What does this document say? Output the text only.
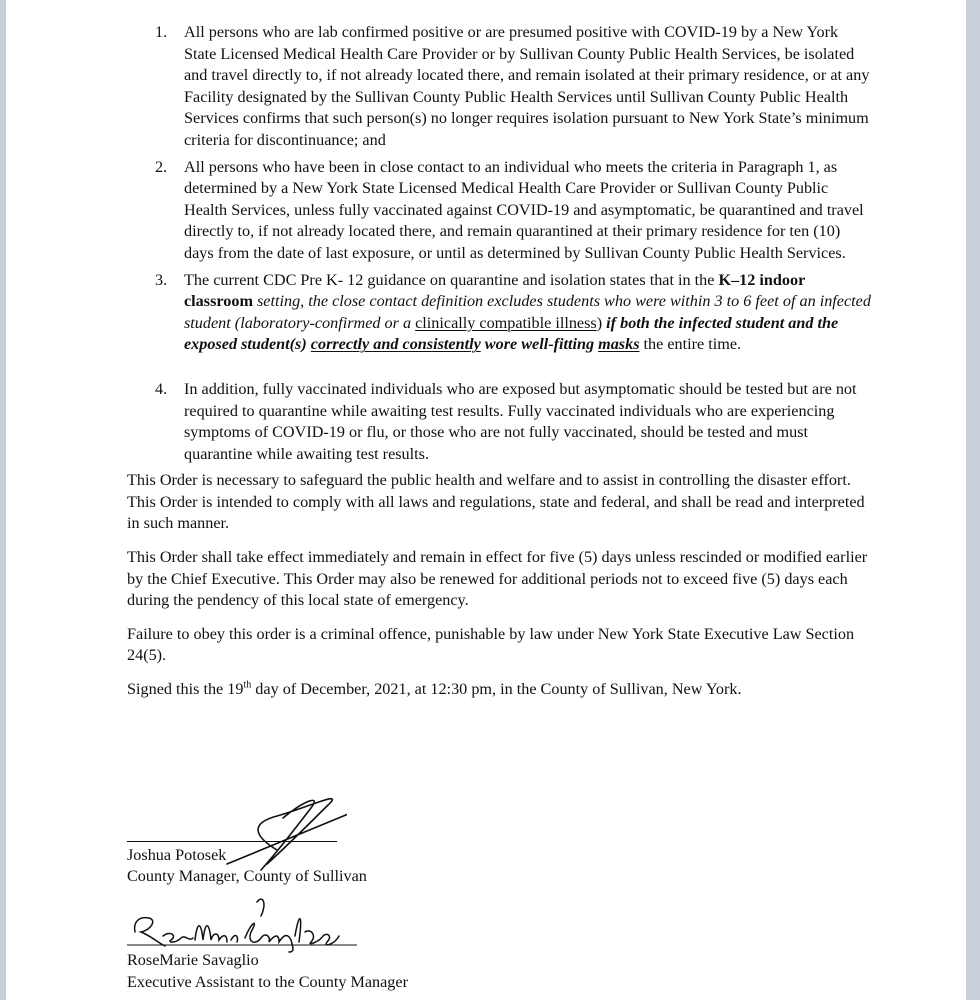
1. All persons who are lab confirmed positive or are presumed positive with COVID-19 by a New York State Licensed Medical Health Care Provider or by Sullivan County Public Health Services, be isolated and travel directly to, if not already located there, and remain isolated at their primary residence, or at any Facility designated by the Sullivan County Public Health Services until Sullivan County Public Health Services confirms that such person(s) no longer requires isolation pursuant to New York State’s minimum criteria for discontinuance; and
2. All persons who have been in close contact to an individual who meets the criteria in Paragraph 1, as determined by a New York State Licensed Medical Health Care Provider or Sullivan County Public Health Services, unless fully vaccinated against COVID-19 and asymptomatic, be quarantined and travel directly to, if not already located there, and remain quarantined at their primary residence for ten (10) days from the date of last exposure, or until as determined by Sullivan County Public Health Services.
3. The current CDC Pre K- 12 guidance on quarantine and isolation states that in the K–12 indoor classroom setting, the close contact definition excludes students who were within 3 to 6 feet of an infected student (laboratory-confirmed or a clinically compatible illness) if both the infected student and the exposed student(s) correctly and consistently wore well-fitting masks the entire time.
4. In addition, fully vaccinated individuals who are exposed but asymptomatic should be tested but are not required to quarantine while awaiting test results. Fully vaccinated individuals who are experiencing symptoms of COVID-19 or flu, or those who are not fully vaccinated, should be tested and must quarantine while awaiting test results.

This Order is necessary to safeguard the public health and welfare and to assist in controlling the disaster effort. This Order is intended to comply with all laws and regulations, state and federal, and shall be read and interpreted in such manner.

This Order shall take effect immediately and remain in effect for five (5) days unless rescinded or modified earlier by the Chief Executive. This Order may also be renewed for additional periods not to exceed five (5) days each during the pendency of this local state of emergency.

Failure to obey this order is a criminal offence, punishable by law under New York State Executive Law Section 24(5).

Signed this the 19th day of December, 2021, at 12:30 pm, in the County of Sullivan, New York.

Joshua Potosek
County Manager, County of Sullivan
RoseMarie Savaglio
Executive Assistant to the County Manager
